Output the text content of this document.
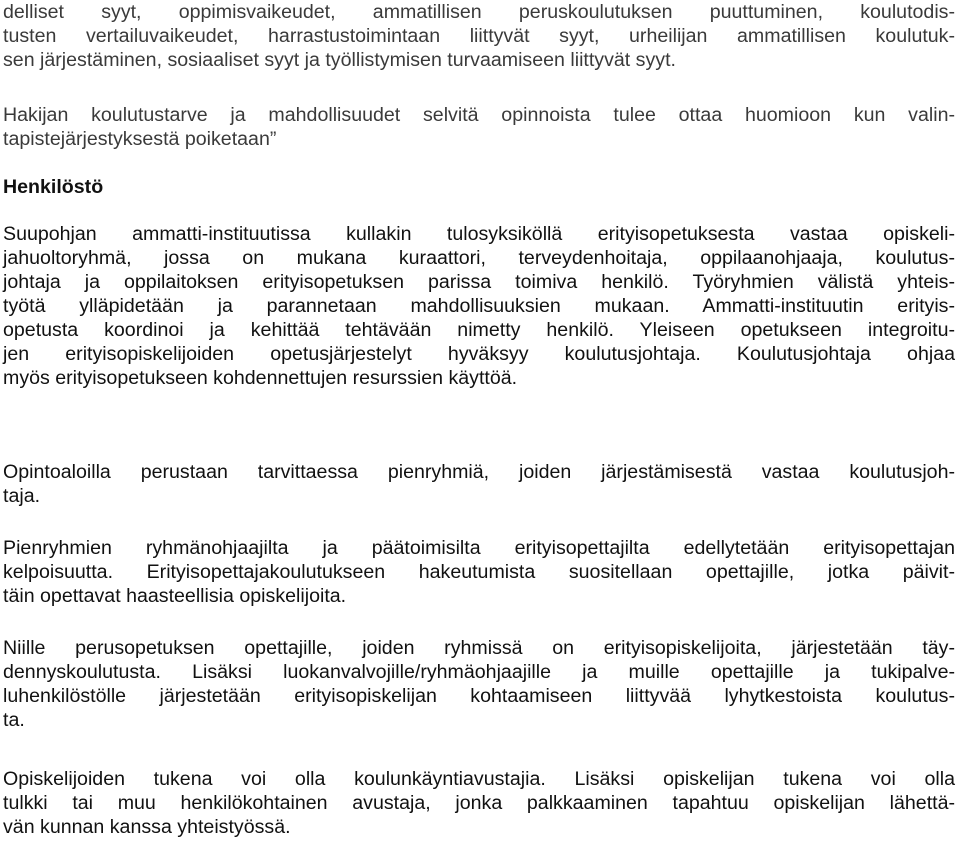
delliset syyt, oppimisvaikeudet, ammatillisen peruskoulutuksen puuttuminen, koulutodis-
tusten vertailuvaikeudet, harrastustoimintaan liittyvät syyt, urheilijan ammatillisen koulutuk-
sen järjestäminen, sosiaaliset syyt ja työllistymisen turvaamiseen liittyvät syyt.
Hakijan koulutustarve ja mahdollisuudet selvitä opinnoista tulee ottaa huomioon kun valin-
tapistejärjestyksestä poiketaan”
Henkilöstö
Suupohjan ammatti-instituutissa kullakin tulosyksiköllä erityisopetuksesta vastaa opiskeli-
jahuoltoryhmä, jossa on mukana kuraattori, terveydenhoitaja, oppilaanohjaaja, koulutus-
johtaja ja oppilaitoksen erityisopetuksen parissa toimiva henkilö. Työryhmien välistä yhteis-
työtä ylläpidetään ja parannetaan mahdollisuuksien mukaan. Ammatti-instituutin erityis-
opetusta koordinoi ja kehittää tehtävään nimetty henkilö. Yleiseen opetukseen integroitu-
jen erityisopiskelijoiden opetusjärjestelyt hyväksyy koulutusjohtaja. Koulutusjohtaja ohjaa
myös erityisopetukseen kohdennettujen resurssien käyttöä.
Opintoaloilla perustaan tarvittaessa pienryhmiä, joiden järjestämisestä vastaa koulutusjoh-
taja.
Pienryhmien ryhmänohjaajilta ja päätoimisilta erityisopettajilta edellytetään erityisopettajan
kelpoisuutta. Erityisopettajakoulutukseen hakeutumista suositellaan opettajille, jotka päivit-
täin opettavat haasteellisia opiskelijoita.
Niille perusopetuksen opettajille, joiden ryhmissä on erityisopiskelijoita, järjestetään täy-
dennyskoulutusta. Lisäksi luokanvalvojille/ryhmäohjaajille ja muille opettajille ja tukipalve-
luhenkilöstölle järjestetään erityisopiskelijan kohtaamiseen liittyvää lyhytkestoista koulutus-
ta.
Opiskelijoiden tukena voi olla koulunkäyntiavustajia. Lisäksi opiskelijan tukena voi olla
tulkki tai muu henkilökohtainen avustaja, jonka palkkaaminen tapahtuu opiskelijan lähettä-
vän kunnan kanssa yhteistyössä.
